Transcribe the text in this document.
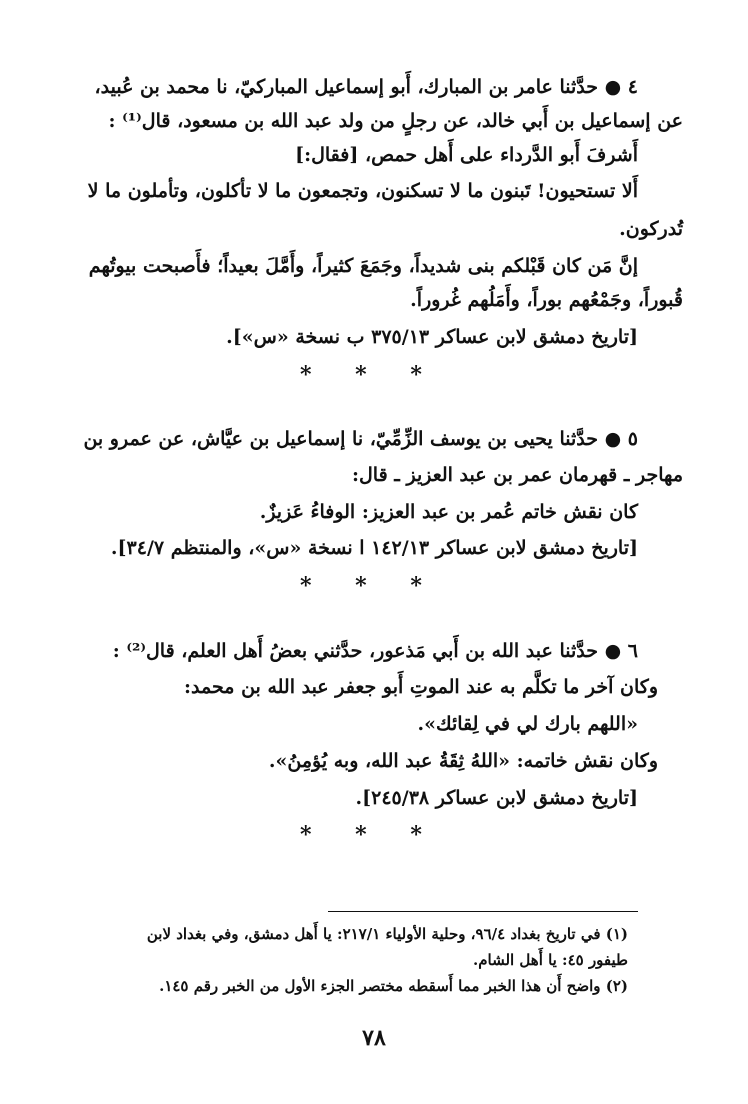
٤ ● حدَّثنا عامر بن المبارك، أَبو إسماعيل المباركيّ، نا محمد بن عُبيد،
عن إسماعيل بن أَبي خالد، عن رجلٍ من ولد عبد الله بن مسعود، قال⁽¹⁾ :
أَشرفَ أَبو الدَّرداء على أَهل حمص، [فقال:]
أَلا تستحيون! تَبنون ما لا تسكنون، وتجمعون ما لا تأكلون، وتأملون ما لا
تُدركون.
إنَّ مَن كان قَبْلكم بنى شديداً، وجَمَعَ كثيراً، وأَمَّلَ بعيداً؛ فأَصبحت بيوتُهم
قُبوراً، وجَمْعُهم بوراً، وأَمَلُهم غُروراً.
[تاريخ دمشق لابن عساكر ٣٧٥/١٣ ب نسخة «س»].
* * *
٥ ● حدَّثنا يحيى بن يوسف الزِّمِّيّ، نا إسماعيل بن عيَّاش، عن عمرو بن
مهاجر ـ قهرمان عمر بن عبد العزيز ـ قال:
كان نقش خاتم عُمر بن عبد العزيز: الوفاءُ عَزيزٌ.
[تاريخ دمشق لابن عساكر ١٤٢/١٣ ا نسخة «س»، والمنتظم ٣٤/٧].
* * *
٦ ● حدَّثنا عبد الله بن أَبي مَذعور، حدَّثني بعضُ أَهل العلم، قال⁽²⁾ :
وكان آخر ما تكلَّم به عند الموتِ أَبو جعفر عبد الله بن محمد:
«اللهم بارك لي في لِقائك».
وكان نقش خاتمه: «اللهُ ثِقَةُ عبد الله، وبه يُؤمِنُ».
[تاريخ دمشق لابن عساكر ٢٤٥/٣٨].
* * *
(١) في تاريخ بغداد ٩٦/٤، وحلية الأولياء ٢١٧/١: يا أَهل دمشق، وفي بغداد لابن
طيفور ٤٥: يا أَهل الشام.
(٢) واضح أَن هذا الخبر مما أَسقطه مختصر الجزء الأول من الخبر رقم ١٤٥.
٧٨
